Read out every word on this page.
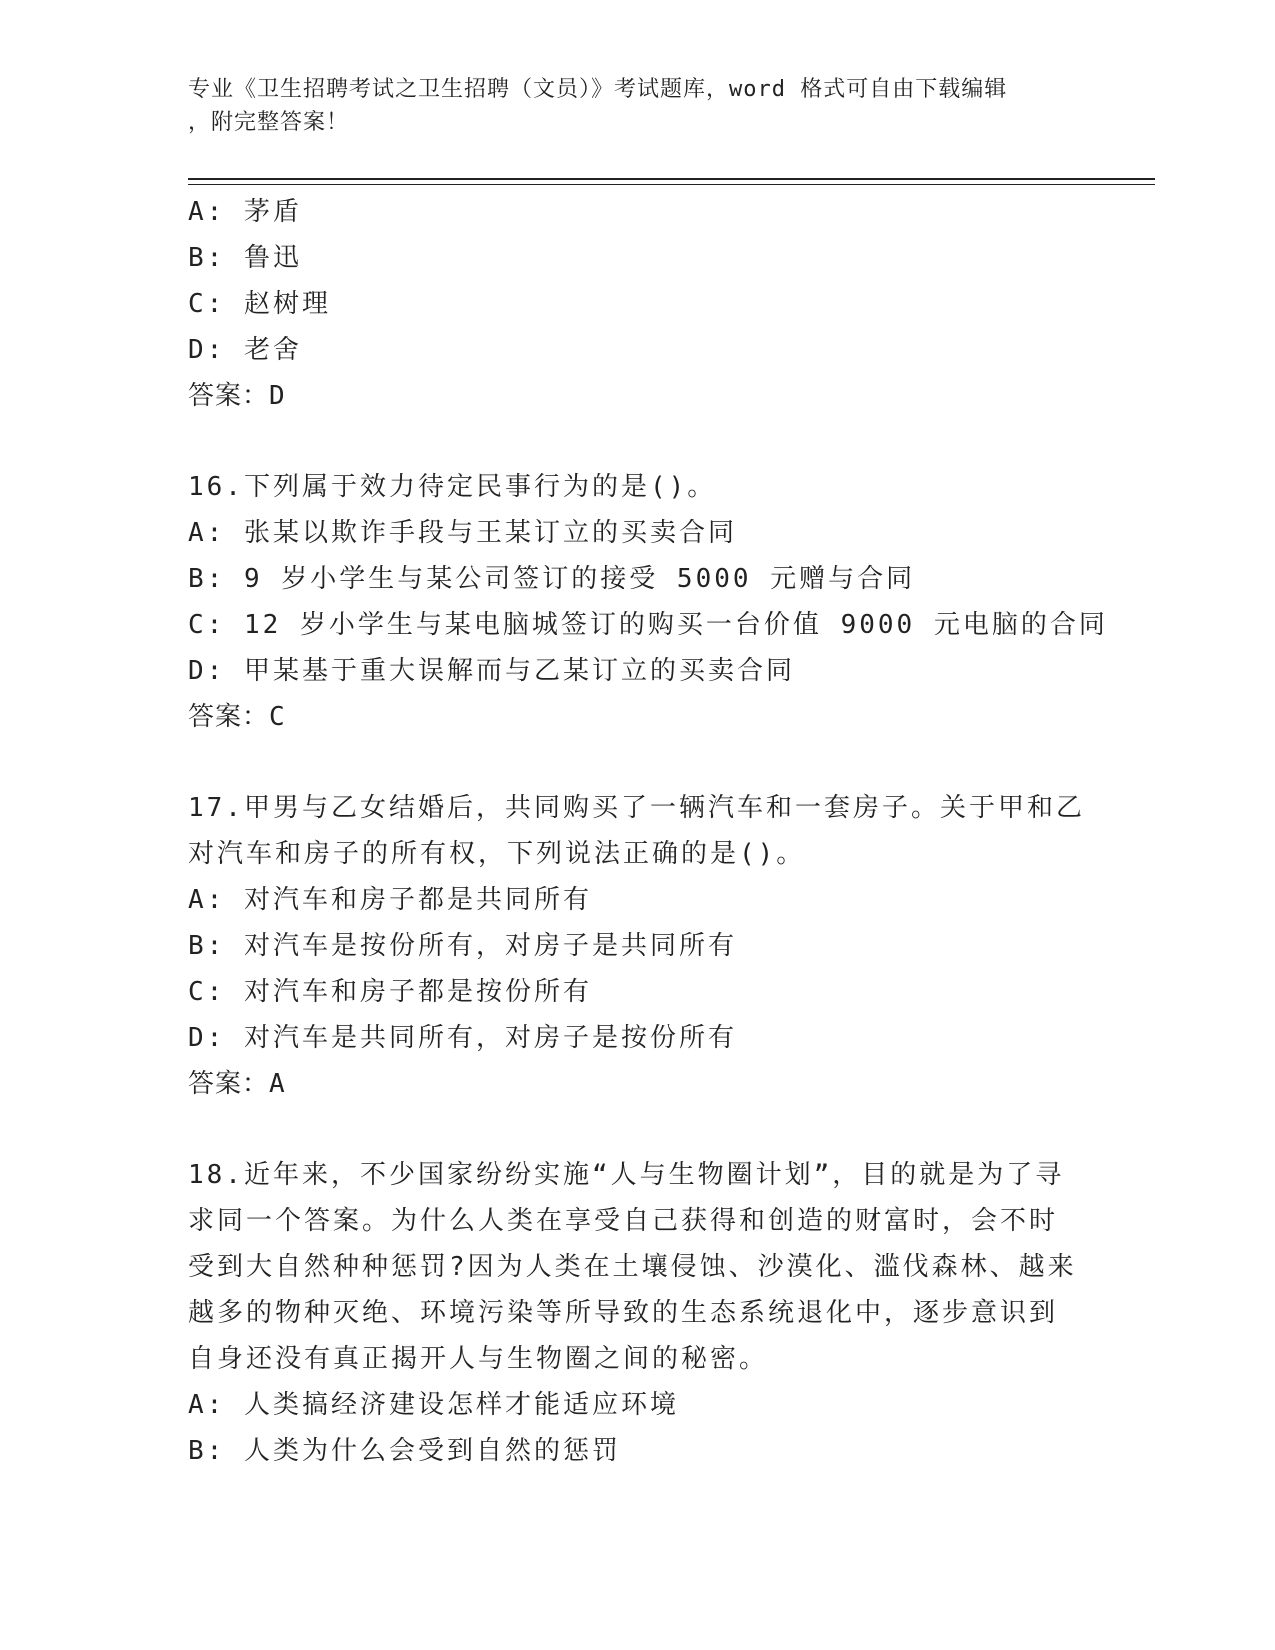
专业《卫生招聘考试之卫生招聘（文员）》考试题库，word 格式可自由下载编辑
，附完整答案！
A: 茅盾
B: 鲁迅
C: 赵树理
D: 老舍
答案：D
16.下列属于效力待定民事行为的是()。
A: 张某以欺诈手段与王某订立的买卖合同
B: 9 岁小学生与某公司签订的接受 5000 元赠与合同
C: 12 岁小学生与某电脑城签订的购买一台价值 9000 元电脑的合同
D: 甲某基于重大误解而与乙某订立的买卖合同
答案：C
17.甲男与乙女结婚后，共同购买了一辆汽车和一套房子。关于甲和乙
对汽车和房子的所有权，下列说法正确的是()。
A: 对汽车和房子都是共同所有
B: 对汽车是按份所有，对房子是共同所有
C: 对汽车和房子都是按份所有
D: 对汽车是共同所有，对房子是按份所有
答案：A
18.近年来，不少国家纷纷实施“人与生物圈计划”，目的就是为了寻
求同一个答案。为什么人类在享受自己获得和创造的财富时，会不时
受到大自然种种惩罚?因为人类在土壤侵蚀、沙漠化、滥伐森林、越来
越多的物种灭绝、环境污染等所导致的生态系统退化中，逐步意识到
自身还没有真正揭开人与生物圈之间的秘密。
A: 人类搞经济建设怎样才能适应环境
B: 人类为什么会受到自然的惩罚
